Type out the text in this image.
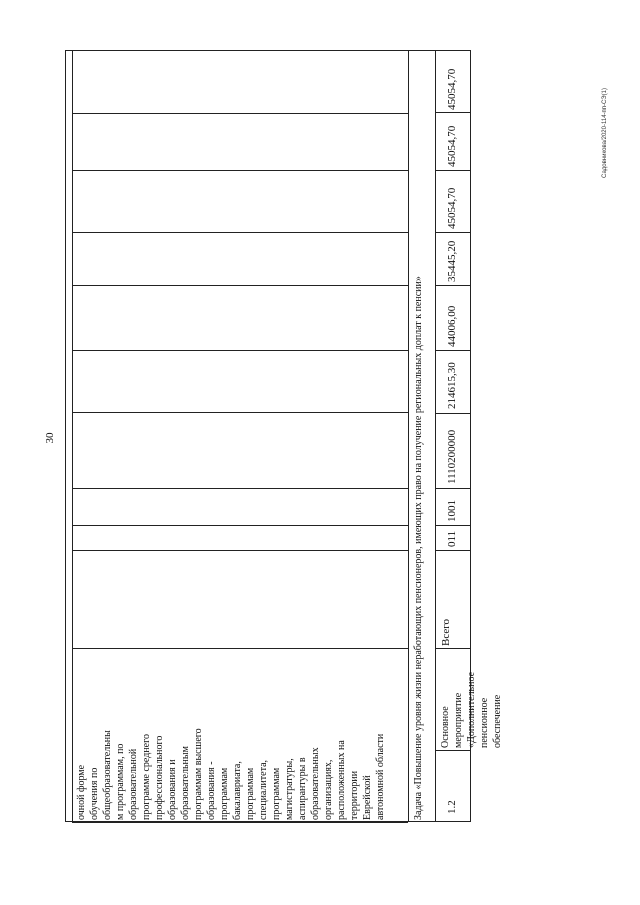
30
Садовникова/2020-114-пп-СЭ(1)
очной форме
обучения по
общеобразовательны
м программам, по
образовательной
программе среднего
профессионального
образования и
образовательным
программам высшего
образования -
программам
бакалавриата,
программам
специалитета,
программам
магистратуры,
аспирантуры в
образовательных
организациях,
расположенных на
территории
Еврейской
автономной области	Задача «Повышение уровня жизни неработающих пенсионеров, имеющих право на получение региональных доплат к пенсии» 1.2
Основное
мероприятие
«Дополнительное
пенсионное
обеспечение
Всего
011
1001
1110200000
214615,30
44006,00
35445,20
45054,70
45054,70
45054,70
